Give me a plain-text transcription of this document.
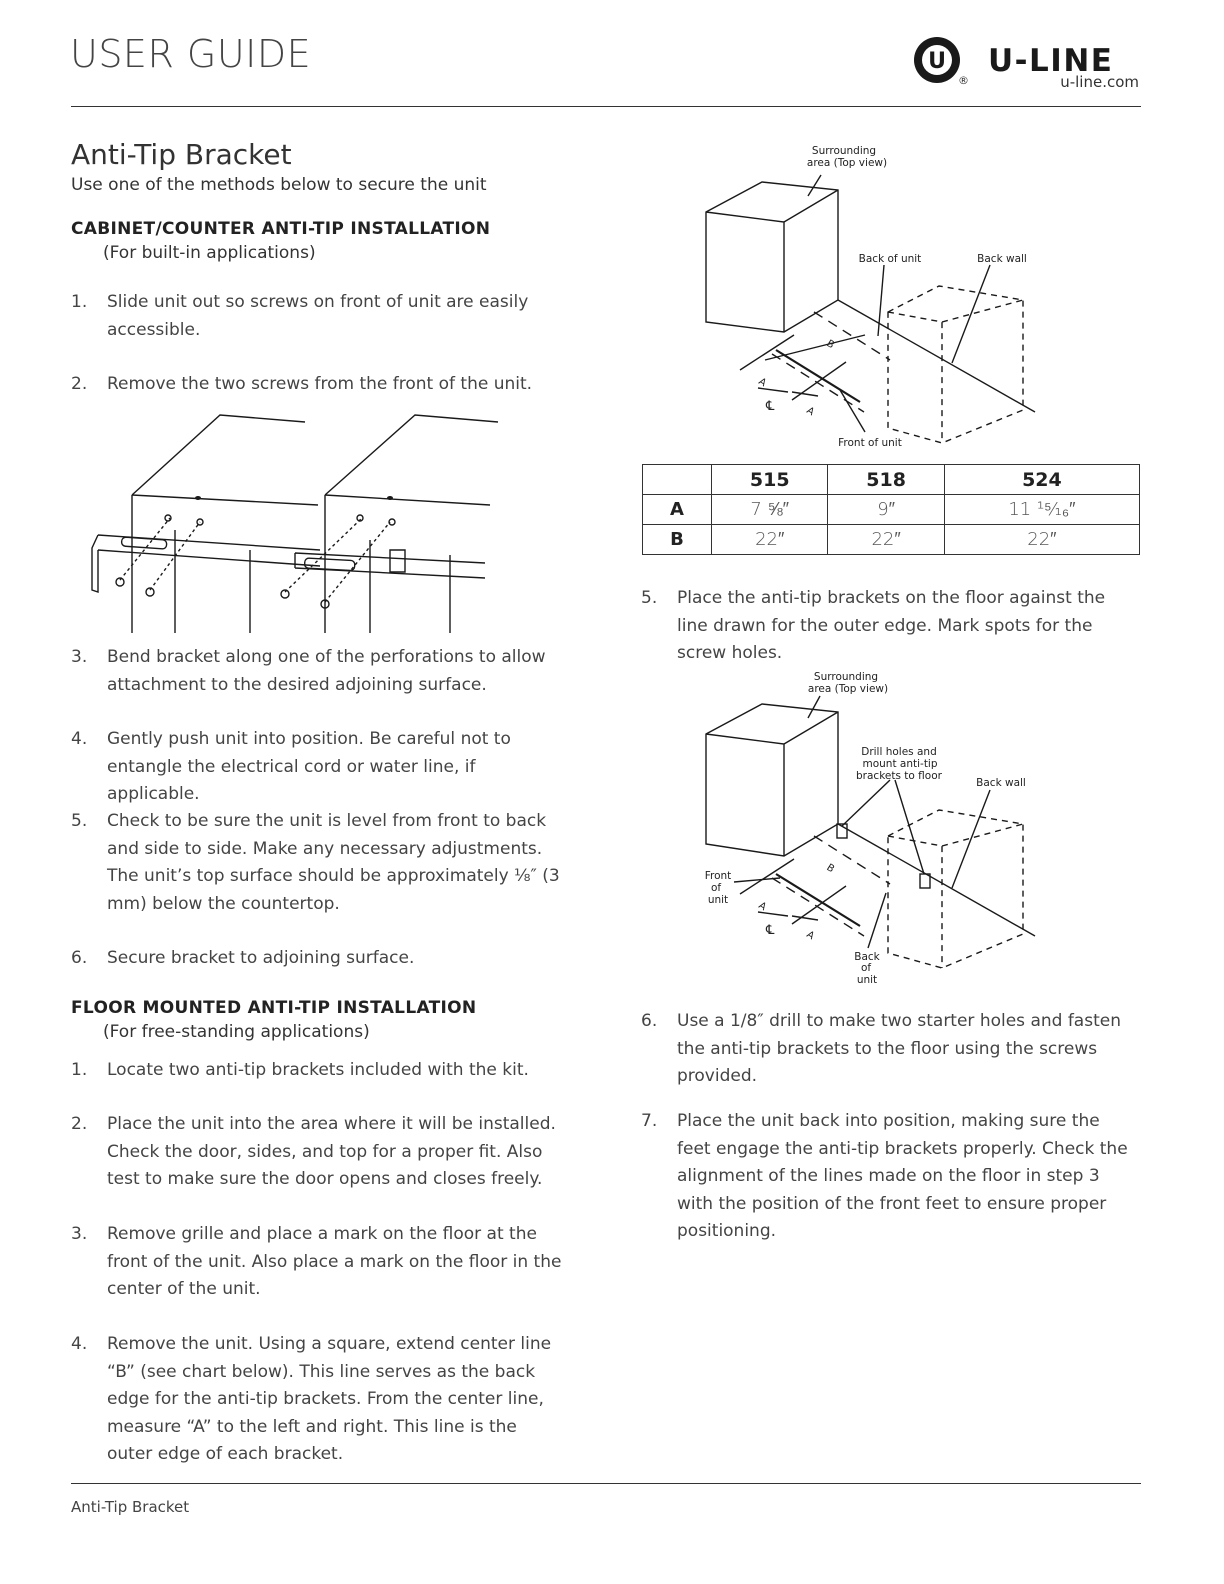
USER GUIDE	U
®
U-LINE
u-line.com
Anti-Tip Bracket
Use one of the methods below to secure the unit
CABINET/COUNTER ANTI-TIP INSTALLATION
(For built-in applications)
1. Slide unit out so screws on front of unit are easily accessible.
2. Remove the two screws from the front of the unit.
3. Bend bracket along one of the perforations to allow attachment to the desired adjoining surface.
4. Gently push unit into position. Be careful not to entangle the electrical cord or water line, if applicable.
5. Check to be sure the unit is level from front to back and side to side. Make any necessary adjustments. The unit’s top surface should be approximately ⅛″ (3 mm) below the countertop.
6. Secure bracket to adjoining surface.
FLOOR MOUNTED ANTI-TIP INSTALLATION
(For free-standing applications)
1. Locate two anti-tip brackets included with the kit.
2. Place the unit into the area where it will be installed. Check the door, sides, and top for a proper fit. Also test to make sure the door opens and closes freely.
3. Remove grille and place a mark on the floor at the front of the unit. Also place a mark on the floor in the center of the unit.
4. Remove the unit. Using a square, extend center line “B” (see chart below). This line serves as the back edge for the anti-tip brackets. From the center line, measure “A” to the left and right. This line is the outer edge of each bracket.
Surrounding
area (Top view)
Back of unit	Back wall
Front of unit
B
A
A
℄
	515	518	524
A	7 ⅝″	9″	11 ¹⁵⁄₁₆″
B	22″	22″	22″
5. Place the anti-tip brackets on the floor against the line drawn for the outer edge. Mark spots for the screw holes.
Surrounding
area (Top view)
Drill holes and
mount anti-tip
brackets to floor
Back wall
Front
of
unit
Back
of
unit
B
A
A
℄
6. Use a 1/8″ drill to make two starter holes and fasten the anti-tip brackets to the floor using the screws provided.
7. Place the unit back into position, making sure the feet engage the anti-tip brackets properly. Check the alignment of the lines made on the floor in step 3 with the position of the front feet to ensure proper positioning.
Anti-Tip Bracket
